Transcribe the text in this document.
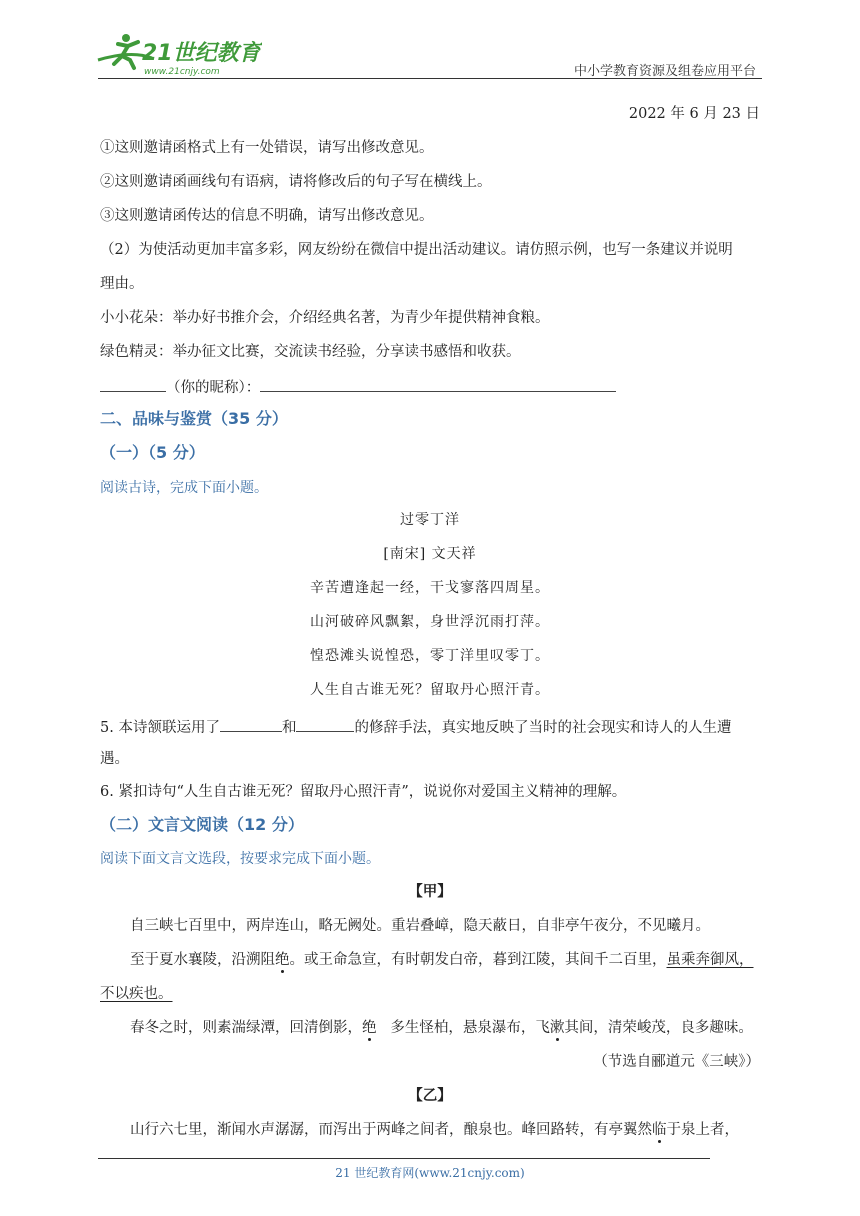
21世纪教育
www.21cnjy.com	中小学教育资源及组卷应用平台
2022 年 6 月 23 日
①这则邀请函格式上有一处错误，请写出修改意见。
②这则邀请函画线句有语病，请将修改后的句子写在横线上。
③这则邀请函传达的信息不明确，请写出修改意见。
（2）为使活动更加丰富多彩，网友纷纷在微信中提出活动建议。请仿照示例，也写一条建议并说明
理由。
小小花朵：举办好书推介会，介绍经典名著，为青少年提供精神食粮。
绿色精灵：举办征文比赛，交流读书经验，分享读书感悟和收获。
（你的昵称）：
二、品味与鉴赏（35 分）
（一）（5 分）
阅读古诗，完成下面小题。
过零丁洋
[南宋] 文天祥
辛苦遭逢起一经，干戈寥落四周星。
山河破碎风飘絮，身世浮沉雨打萍。
惶恐滩头说惶恐，零丁洋里叹零丁。
人生自古谁无死？留取丹心照汗青。
5. 本诗颔联运用了	和	的修辞手法，真实地反映了当时的社会现实和诗人的人生遭
遇。
6. 紧扣诗句“人生自古谁无死？留取丹心照汗青”，说说你对爱国主义精神的理解。
（二）文言文阅读（12 分）
阅读下面文言文选段，按要求完成下面小题。
【甲】
自三峡七百里中，两岸连山，略无阙处。重岩叠嶂，隐天蔽日，自非亭午夜分，不见曦月。
至于夏水襄陵，沿溯阻绝。或王命急宣，有时朝发白帝，暮到江陵，其间千二百里，虽乘奔御风，
不以疾也。
春冬之时，则素湍绿潭，回清倒影，绝   多生怪柏，悬泉瀑布，飞漱其间，清荣峻茂，良多趣味。
（节选自郦道元《三峡》）
【乙】
山行六七里，渐闻水声潺潺，而泻出于两峰之间者，酿泉也。峰回路转，有亭翼然临于泉上者，
21 世纪教育网(www.21cnjy.com)
